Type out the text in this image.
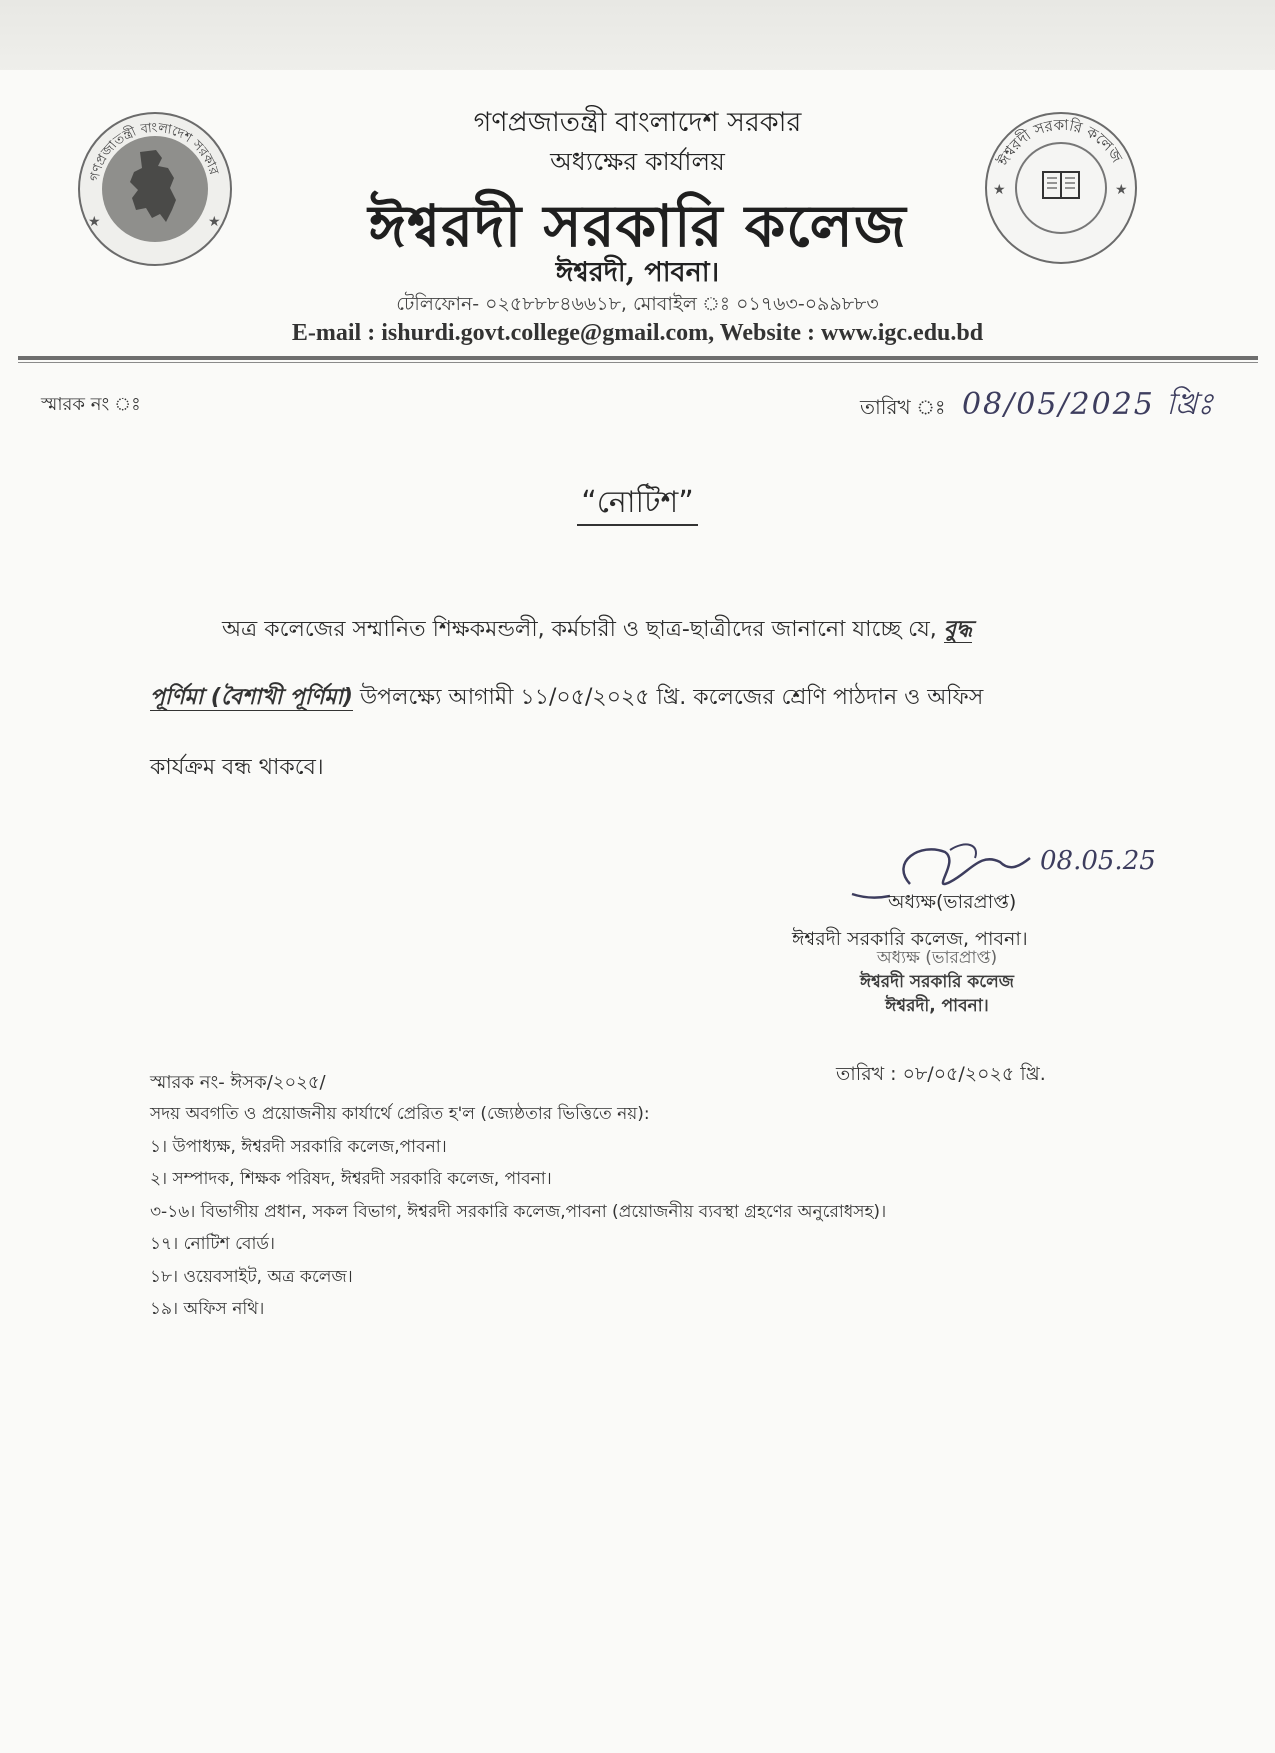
গণপ্রজাতন্ত্রী বাংলাদেশ সরকার
★	★
ঈশ্বরদী সরকারি কলেজ
★	★
গণপ্রজাতন্ত্রী বাংলাদেশ সরকার
অধ্যক্ষের কার্যালয়
ঈশ্বরদী সরকারি কলেজ
ঈশ্বরদী, পাবনা।
টেলিফোন- ০২৫৮৮৮৪৬৬১৮, মোবাইল ঃ ০১৭৬৩-০৯৯৮৮৩
E-mail : ishurdi.govt.college@gmail.com, Website : www.igc.edu.bd
স্মারক নং ঃ	তারিখ ঃ 08/05/2025 খ্রিঃ
“নোটিশ”
অত্র কলেজের সম্মানিত শিক্ষকমন্ডলী, কর্মচারী ও ছাত্র-ছাত্রীদের জানানো যাচ্ছে যে, বুদ্ধ
পূর্ণিমা (বৈশাখী পূর্ণিমা) উপলক্ষ্যে আগামী ১১/০৫/২০২৫ খ্রি. কলেজের শ্রেণি পাঠদান ও অফিস
কার্যক্রম বন্ধ থাকবে।
08.05.25
অধ্যক্ষ(ভারপ্রাপ্ত)
ঈশ্বরদী সরকারি কলেজ, পাবনা।
অধ্যক্ষ (ভারপ্রাপ্ত)
ঈশ্বরদী সরকারি কলেজ
ঈশ্বরদী, পাবনা।
স্মারক নং- ঈসক/২০২৫/	তারিখ : ০৮/০৫/২০২৫ খ্রি.
সদয় অবগতি ও প্রয়োজনীয় কার্যার্থে প্রেরিত হ'ল (জ্যেষ্ঠতার ভিত্তিতে নয়):
১। উপাধ্যক্ষ, ঈশ্বরদী সরকারি কলেজ,পাবনা।
২। সম্পাদক, শিক্ষক পরিষদ, ঈশ্বরদী সরকারি কলেজ, পাবনা।
৩-১৬। বিভাগীয় প্রধান, সকল বিভাগ, ঈশ্বরদী সরকারি কলেজ,পাবনা (প্রয়োজনীয় ব্যবস্থা গ্রহণের অনুরোধসহ)।
১৭। নোটিশ বোর্ড।
১৮। ওয়েবসাইট, অত্র কলেজ।
১৯। অফিস নথি।
